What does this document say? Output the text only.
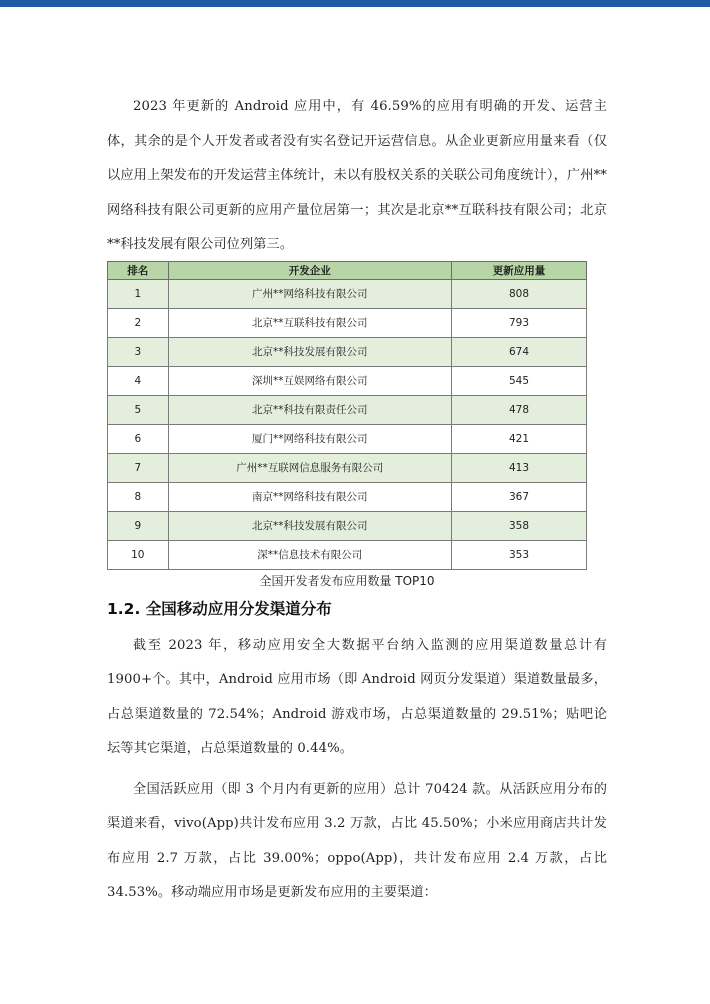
2023 年更新的 Android 应用中，有 46.59%的应用有明确的开发、运营主体，其余的是个人开发者或者没有实名登记开运营信息。从企业更新应用量来看（仅以应用上架发布的开发运营主体统计，未以有股权关系的关联公司角度统计），广州**网络科技有限公司更新的应用产量位居第一；其次是北京**互联科技有限公司；北京**科技发展有限公司位列第三。

排名	开发企业	更新应用量
1	广州**网络科技有限公司	808
2	北京**互联科技有限公司	793
3	北京**科技发展有限公司	674
4	深圳**互娱网络有限公司	545
5	北京**科技有限责任公司	478
6	厦门**网络科技有限公司	421
7	广州**互联网信息服务有限公司	413
8	南京**网络科技有限公司	367
9	北京**科技发展有限公司	358
10	深**信息技术有限公司	353
全国开发者发布应用数量 TOP10
1.2. 全国移动应用分发渠道分布

截至 2023 年，移动应用安全大数据平台纳入监测的应用渠道数量总计有 1900+个。其中，Android 应用市场（即 Android 网页分发渠道）渠道数量最多，占总渠道数量的 72.54%；Android 游戏市场，占总渠道数量的 29.51%；贴吧论坛等其它渠道，占总渠道数量的 0.44%。

全国活跃应用（即 3 个月内有更新的应用）总计 70424 款。从活跃应用分布的渠道来看，vivo(App)共计发布应用 3.2 万款，占比 45.50%；小米应用商店共计发布应用 2.7 万款，占比 39.00%；oppo(App)，共计发布应用 2.4 万款，占比 34.53%。移动端应用市场是更新发布应用的主要渠道：
